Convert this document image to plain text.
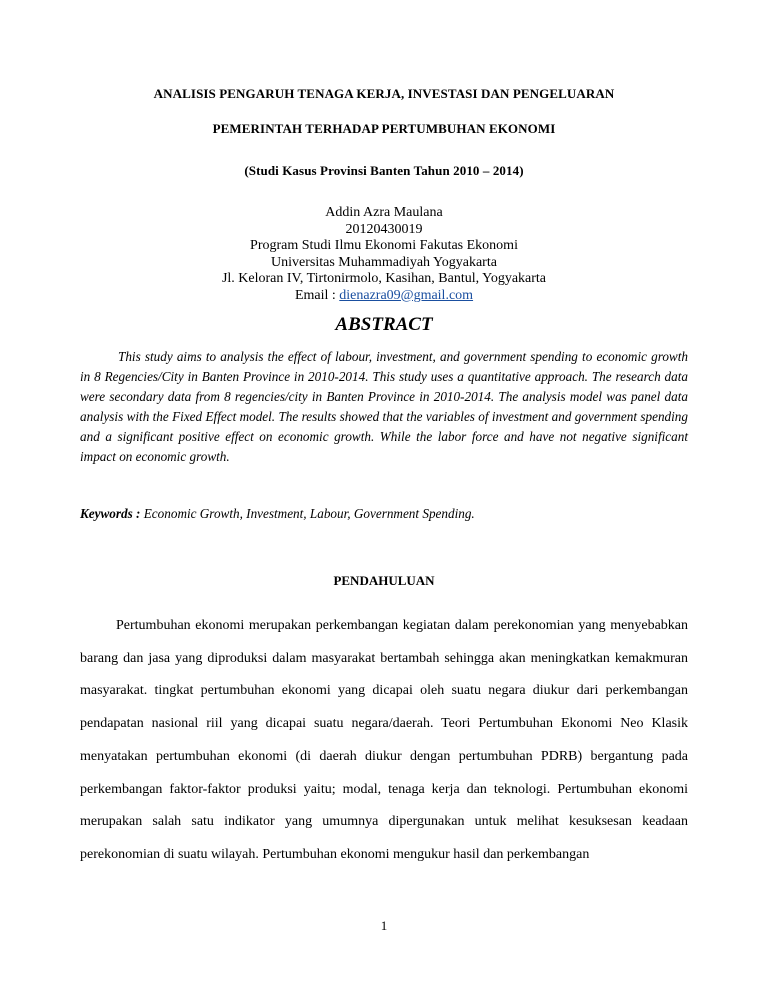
ANALISIS PENGARUH TENAGA KERJA, INVESTASI DAN PENGELUARAN
PEMERINTAH TERHADAP PERTUMBUHAN EKONOMI
(Studi Kasus Provinsi Banten Tahun 2010 – 2014)
Addin Azra Maulana
20120430019
Program Studi Ilmu Ekonomi Fakutas Ekonomi
Universitas Muhammadiyah Yogyakarta
Jl. Keloran IV, Tirtonirmolo, Kasihan, Bantul, Yogyakarta
Email : dienazra09@gmail.com
ABSTRACT

This study aims to analysis the effect of labour, investment, and government spending to economic growth in 8 Regencies/City in Banten Province in 2010-2014. This study uses a quantitative approach. The research data were secondary data from 8 regencies/city in Banten Province in 2010-2014. The analysis model was panel data analysis with the Fixed Effect model. The results showed that the variables of investment and government spending and a significant positive effect on economic growth. While the labor force and have not negative significant impact on economic growth.

Keywords : Economic Growth, Investment, Labour, Government Spending.

PENDAHULUAN

Pertumbuhan ekonomi merupakan perkembangan kegiatan dalam perekonomian yang menyebabkan barang dan jasa yang diproduksi dalam masyarakat bertambah sehingga akan meningkatkan kemakmuran masyarakat. tingkat pertumbuhan ekonomi yang dicapai oleh suatu negara diukur dari perkembangan pendapatan nasional riil yang dicapai suatu negara/daerah. Teori Pertumbuhan Ekonomi Neo Klasik menyatakan pertumbuhan ekonomi (di daerah diukur dengan pertumbuhan PDRB) bergantung pada perkembangan faktor-faktor produksi yaitu; modal, tenaga kerja dan teknologi. Pertumbuhan ekonomi merupakan salah satu indikator yang umumnya dipergunakan untuk melihat kesuksesan keadaan perekonomian di suatu wilayah. Pertumbuhan ekonomi mengukur hasil dan perkembangan

1
